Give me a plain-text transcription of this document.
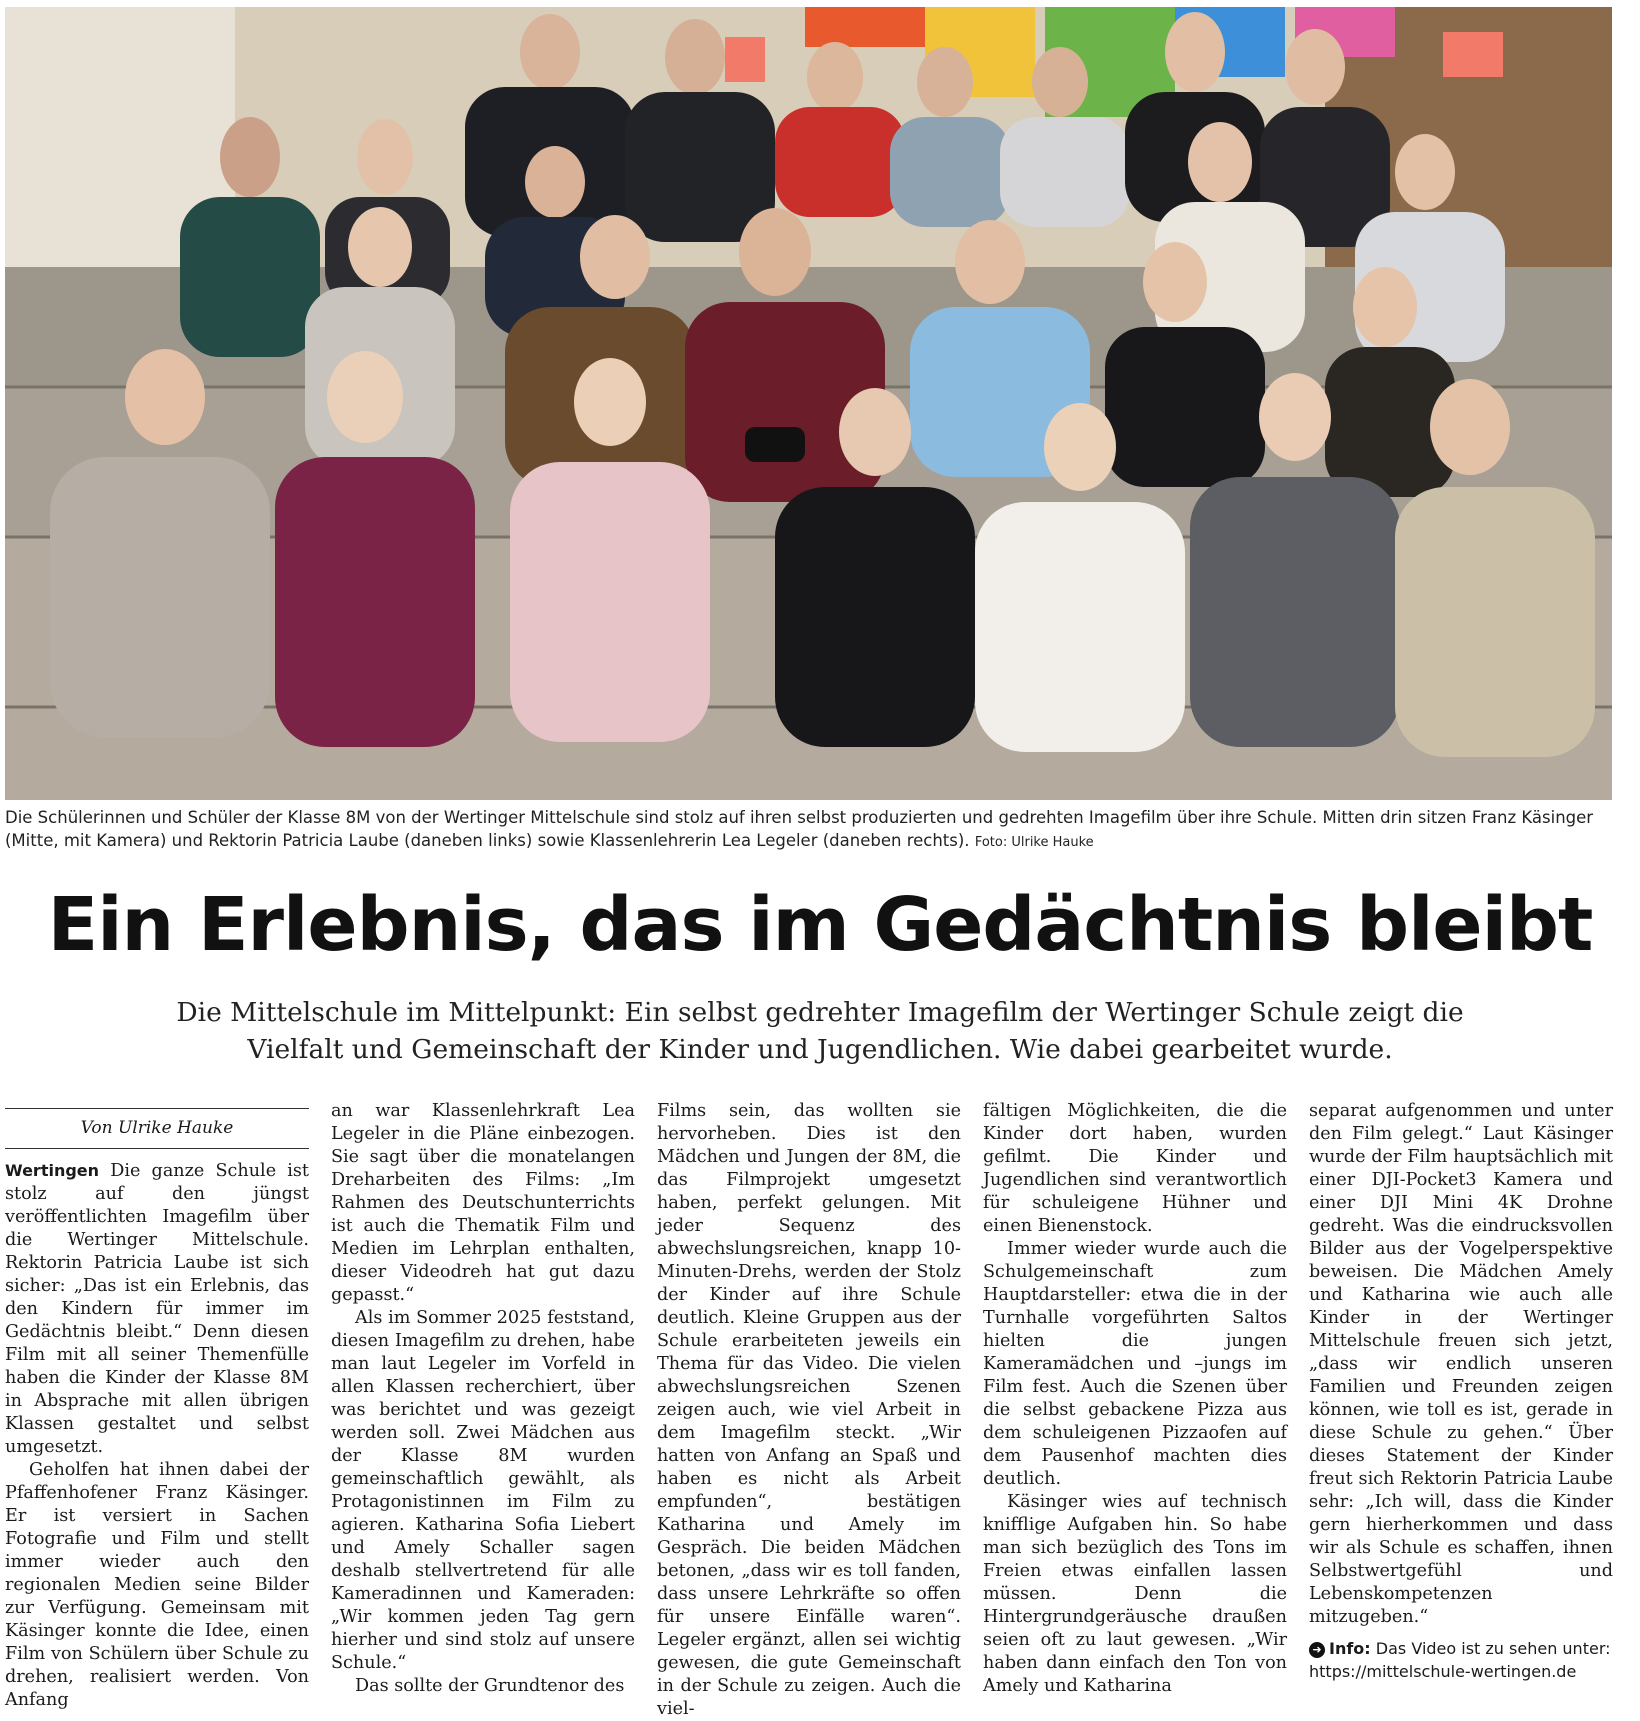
Die Schülerinnen und Schüler der Klasse 8M von der Wertinger Mittelschule sind stolz auf ihren selbst produzierten und gedrehten Imagefilm über ihre Schule. Mitten drin sitzen Franz Käsinger (Mitte, mit Kamera) und Rektorin Patricia Laube (daneben links) sowie Klassenlehrerin Lea Legeler (daneben rechts). Foto: Ulrike Hauke
Ein Erlebnis, das im Gedächtnis bleibt
Die Mittelschule im Mittelpunkt: Ein selbst gedrehter Imagefilm der Wertinger Schule zeigt die
Vielfalt und Gemeinschaft der Kinder und Jugendlichen. Wie dabei gearbeitet wurde.
Von Ulrike Hauke

Wertingen Die ganze Schule ist stolz auf den jüngst veröffentlichten Imagefilm über die Wertinger Mittelschule. Rektorin Patricia Laube ist sich sicher: „Das ist ein Erlebnis, das den Kindern für immer im Gedächtnis bleibt.“ Denn diesen Film mit all seiner Themenfülle haben die Kinder der Klasse 8M in Absprache mit allen übrigen Klassen gestaltet und selbst umgesetzt.

Geholfen hat ihnen dabei der Pfaffenhofener Franz Käsinger. Er ist versiert in Sachen Fotografie und Film und stellt immer wieder auch den regionalen Medien seine Bilder zur Verfügung. Gemeinsam mit Käsinger konnte die Idee, einen Film von Schülern über Schule zu drehen, realisiert werden. Von Anfang

an war Klassenlehrkraft Lea Legeler in die Pläne einbezogen. Sie sagt über die monatelangen Dreharbeiten des Films: „Im Rahmen des Deutschunterrichts ist auch die Thematik Film und Medien im Lehrplan enthalten, dieser Videodreh hat gut dazu gepasst.“

Als im Sommer 2025 feststand, diesen Imagefilm zu drehen, habe man laut Legeler im Vorfeld in allen Klassen recherchiert, über was berichtet und was gezeigt werden soll. Zwei Mädchen aus der Klasse 8M wurden gemeinschaftlich gewählt, als Protagonistinnen im Film zu agieren. Katharina Sofia Liebert und Amely Schaller sagen deshalb stellvertretend für alle Kameradinnen und Kameraden: „Wir kommen jeden Tag gern hierher und sind stolz auf unsere Schule.“

Das sollte der Grundtenor des

Films sein, das wollten sie hervorheben. Dies ist den Mädchen und Jungen der 8M, die das Filmprojekt umgesetzt haben, perfekt gelungen. Mit jeder Sequenz des abwechslungsreichen, knapp 10-Minuten-Drehs, werden der Stolz der Kinder auf ihre Schule deutlich. Kleine Gruppen aus der Schule erarbeiteten jeweils ein Thema für das Video. Die vielen abwechslungsreichen Szenen zeigen auch, wie viel Arbeit in dem Imagefilm steckt. „Wir hatten von Anfang an Spaß und haben es nicht als Arbeit empfunden“, bestätigen Katharina und Amely im Gespräch. Die beiden Mädchen betonen, „dass wir es toll fanden, dass unsere Lehrkräfte so offen für unsere Einfälle waren“. Legeler ergänzt, allen sei wichtig gewesen, die gute Gemeinschaft in der Schule zu zeigen. Auch die viel-

fältigen Möglichkeiten, die die Kinder dort haben, wurden gefilmt. Die Kinder und Jugendlichen sind verantwortlich für schuleigene Hühner und einen Bienenstock.

Immer wieder wurde auch die Schulgemeinschaft zum Hauptdarsteller: etwa die in der Turnhalle vorgeführten Saltos hielten die jungen Kameramädchen und –jungs im Film fest. Auch die Szenen über die selbst gebackene Pizza aus dem schuleigenen Pizzaofen auf dem Pausenhof machten dies deutlich.

Käsinger wies auf technisch knifflige Aufgaben hin. So habe man sich bezüglich des Tons im Freien etwas einfallen lassen müssen. Denn die Hintergrundgeräusche draußen seien oft zu laut gewesen. „Wir haben dann einfach den Ton von Amely und Katharina

separat aufgenommen und unter den Film gelegt.“ Laut Käsinger wurde der Film hauptsächlich mit einer DJI-Pocket3 Kamera und einer DJI Mini 4K Drohne gedreht. Was die eindrucksvollen Bilder aus der Vogelperspektive beweisen. Die Mädchen Amely und Katharina wie auch alle Kinder in der Wertinger Mittelschule freuen sich jetzt, „dass wir endlich unseren Familien und Freunden zeigen können, wie toll es ist, gerade in diese Schule zu gehen.“ Über dieses Statement der Kinder freut sich Rektorin Patricia Laube sehr: „Ich will, dass die Kinder gern hierherkommen und dass wir als Schule es schaffen, ihnen Selbstwertgefühl und Lebenskompetenzen mitzugeben.“

➜ Info: Das Video ist zu sehen unter:
https://mittelschule-wertingen.de
